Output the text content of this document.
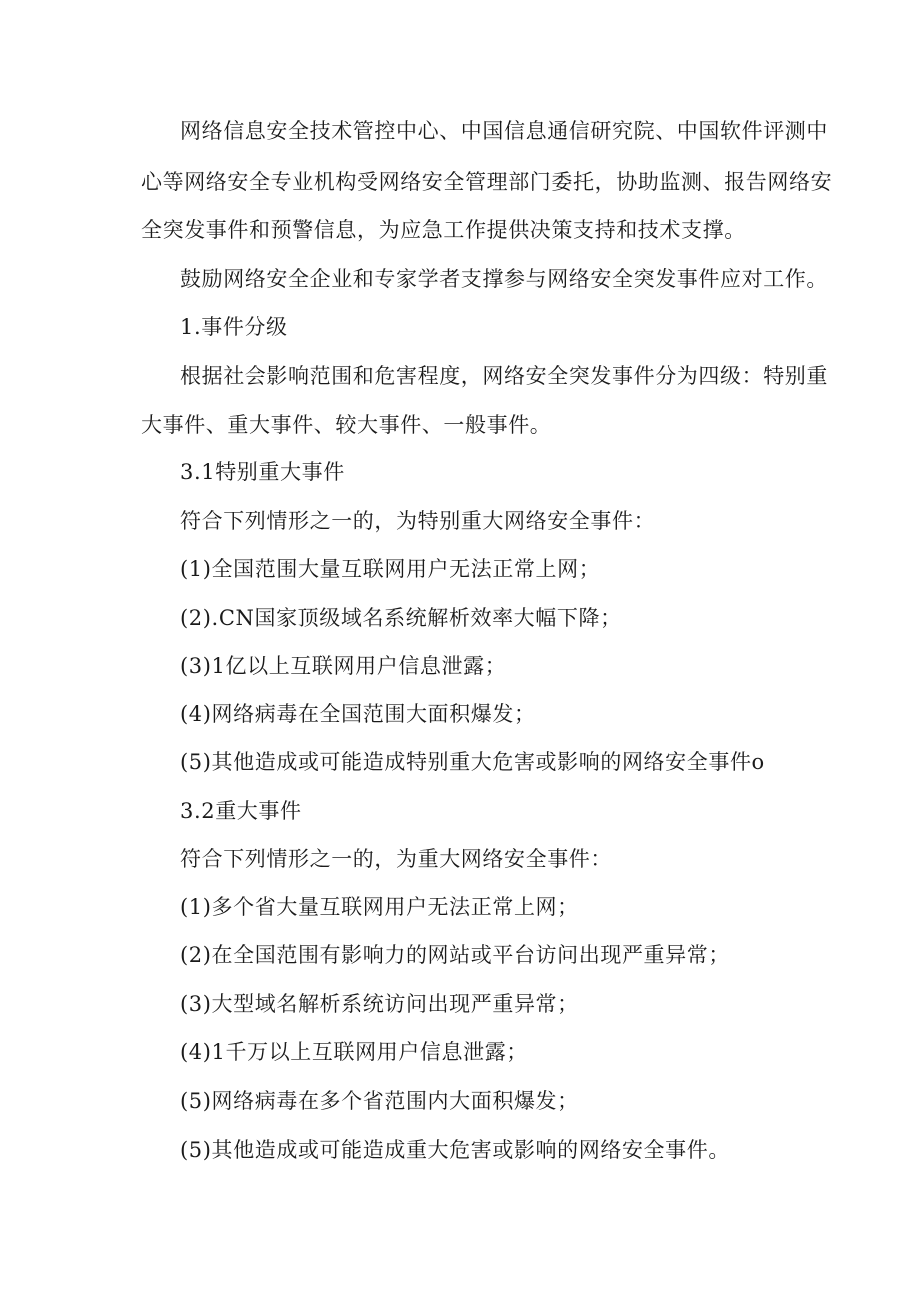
网络信息安全技术管控中心、中国信息通信研究院、中国软件评测中

心等网络安全专业机构受网络安全管理部门委托，协助监测、报告网络安

全突发事件和预警信息，为应急工作提供决策支持和技术支撑。

鼓励网络安全企业和专家学者支撑参与网络安全突发事件应对工作。

1.事件分级

根据社会影响范围和危害程度，网络安全突发事件分为四级：特别重

大事件、重大事件、较大事件、一般事件。

3.1特别重大事件

符合下列情形之一的，为特别重大网络安全事件：

(1)全国范围大量互联网用户无法正常上网；

(2).CN国家顶级域名系统解析效率大幅下降；

(3)1亿以上互联网用户信息泄露；

(4)网络病毒在全国范围大面积爆发；

(5)其他造成或可能造成特别重大危害或影响的网络安全事件o

3.2重大事件

符合下列情形之一的，为重大网络安全事件：

(1)多个省大量互联网用户无法正常上网；

(2)在全国范围有影响力的网站或平台访问出现严重异常；

(3)大型域名解析系统访问出现严重异常；

(4)1千万以上互联网用户信息泄露；

(5)网络病毒在多个省范围内大面积爆发；

(5)其他造成或可能造成重大危害或影响的网络安全事件。
